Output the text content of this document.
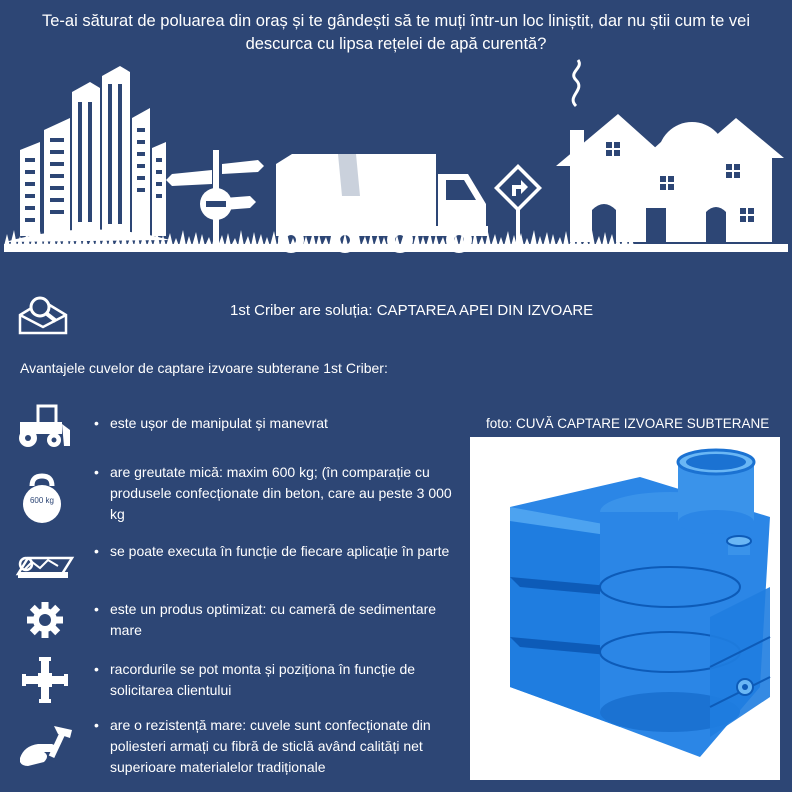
Te-ai săturat de poluarea din oraș și te gândești să te muți într-un loc liniștit, dar nu știi cum te vei
descurca cu lipsa rețelei de apă curentă?
1st Criber are soluția: CAPTAREA APEI DIN IZVOARE
Avantajele cuvelor de captare izvoare subterane 1st Criber:
• este ușor de manipulat și manevrat
600 kg
• are greutate mică: maxim 600 kg; (în comparație cu produsele confecționate din beton, care au peste 3 000 kg
• se poate executa în funcție de fiecare aplicație în parte
• este un produs optimizat: cu cameră de sedimentare mare
• racordurile se pot monta și poziționa în funcție de solicitarea clientului
• are o rezistență mare: cuvele sunt confecționate din poliesteri armați cu fibră de sticlă având calități net superioare materialelor tradiționale
foto: CUVĂ CAPTARE IZVOARE SUBTERANE
